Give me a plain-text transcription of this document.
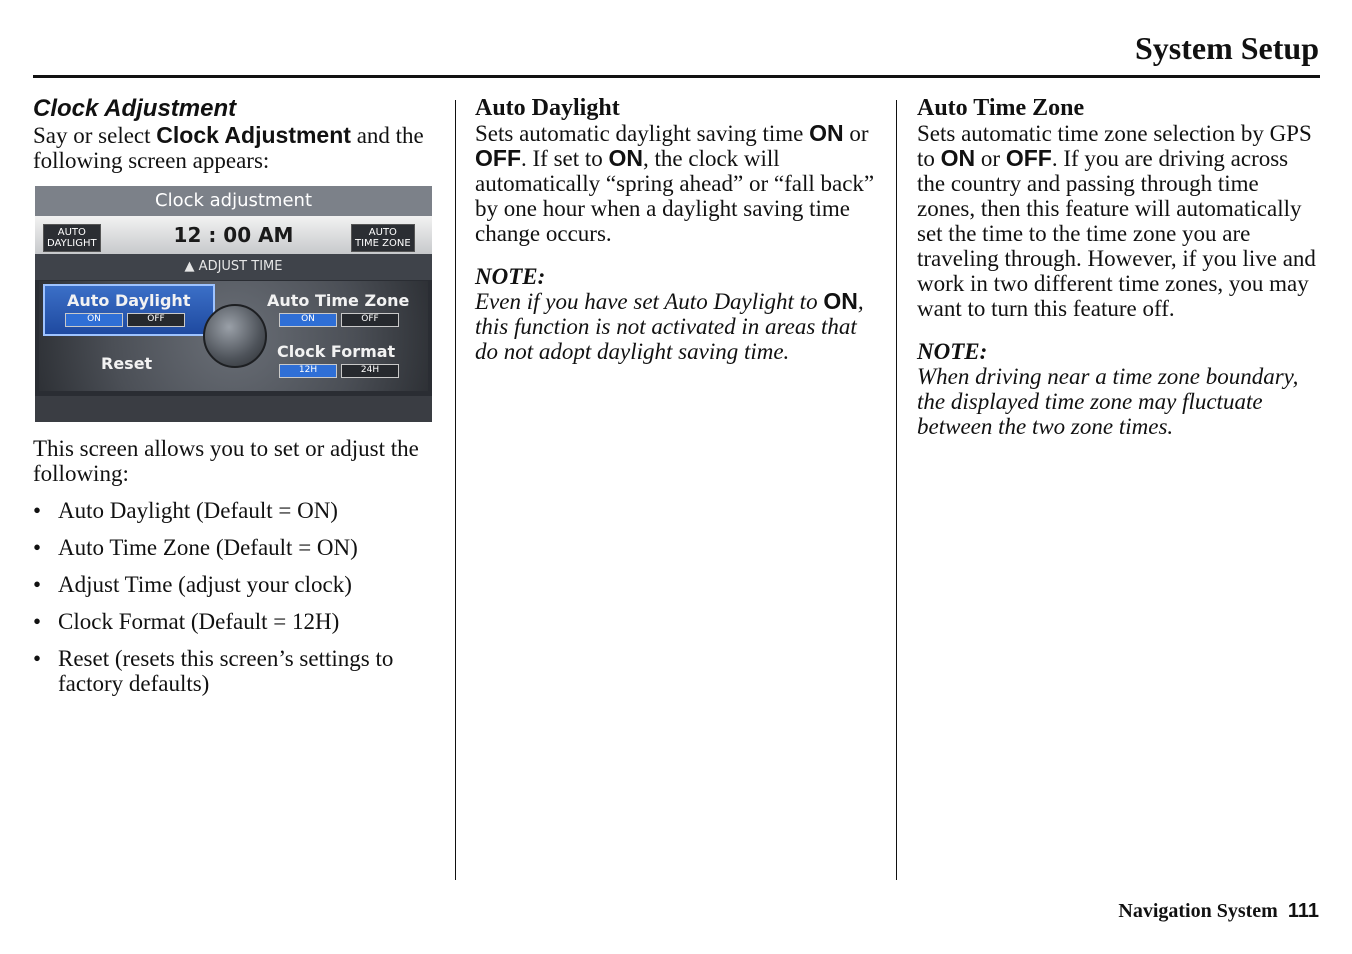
System Setup

Clock Adjustment

Say or select Clock Adjustment and the following screen appears:

Clock adjustment
AUTO
DAYLIGHT	12 : 00 AM	AUTO
TIME ZONE
▲ ADJUST TIME
Auto Daylight
ON	OFF
Auto Time Zone
ON	OFF
Reset
Clock Format
12H	24H

This screen allows you to set or adjust the following:

• Auto Daylight (Default = ON)
• Auto Time Zone (Default = ON)
• Adjust Time (adjust your clock)
• Clock Format (Default = 12H)
• Reset (resets this screen’s settings to factory defaults)

Auto Daylight

Sets automatic daylight saving time ON or OFF. If set to ON, the clock will automatically “spring ahead” or “fall back” by one hour when a daylight saving time change occurs.

NOTE:

Even if you have set Auto Daylight to ON, this function is not activated in areas that do not adopt daylight saving time.

Auto Time Zone

Sets automatic time zone selection by GPS to ON or OFF. If you are driving across the country and passing through time zones, then this feature will automatically set the time to the time zone you are traveling through. However, if you live and work in two different time zones, you may want to turn this feature off.

NOTE:

When driving near a time zone boundary, the displayed time zone may fluctuate between the two zone times.

Navigation System 111
